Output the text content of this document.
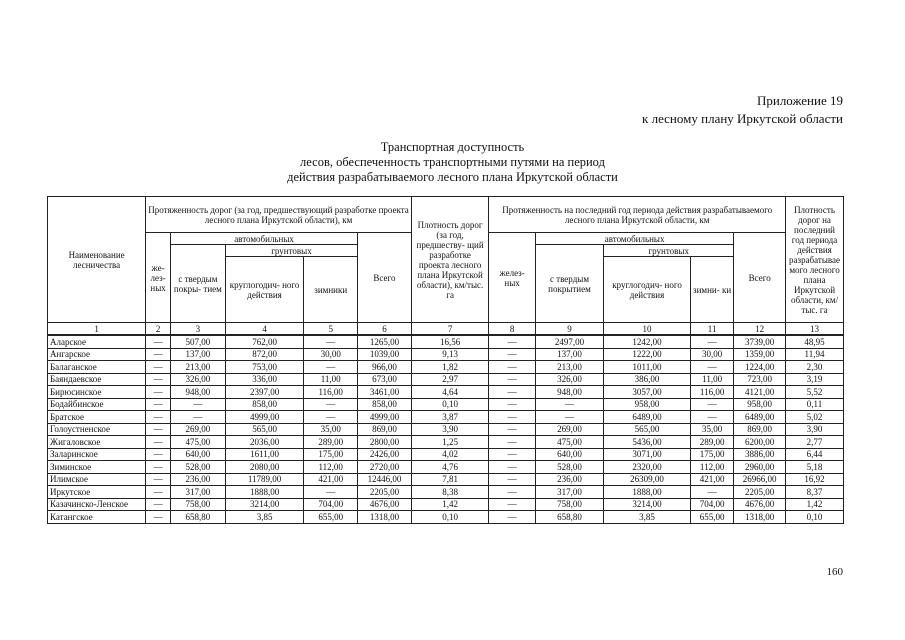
Приложение 19
к лесному плану Иркутской области
Транспортная доступность
лесов, обеспеченность транспортными путями на период
действия разрабатываемого лесного плана Иркутской области
Наименование лесничества	Протяженность дорог (за год, предшествующий разработке проекта лесного плана Иркутской области), км					Плотность дорог (за год, предшеству- щий разработке проекта лесного плана Иркутской области), км/тыс. га	Протяженность на последний год периода действия разрабатываемого лесного плана Иркутской области, км					Плотность дорог на последний год периода действия разрабатывае мого лесного плана Иркутской области, км/тыс. га
	же- лез- ных	автомобильных			Всего		желез- ных	автомобильных			Всего	
		с твердым покры- тием	грунтовых					с твердым покрытием	грунтовых			
			круглогодич- ного действия	зимники					круглогодич- ного действия	зимни- ки		
1	2	3	4	5	6	7	8	9	10	11	12	13
Аларское	—	507,00	762,00	—	1265,00	16,56	—	2497,00	1242,00	—	3739,00	48,95
Ангарское	—	137,00	872,00	30,00	1039,00	9,13	—	137,00	1222,00	30,00	1359,00	11,94
Балаганское	—	213,00	753,00	—	966,00	1,82	—	213,00	1011,00	—	1224,00	2,30
Баяндаевское	—	326,00	336,00	11,00	673,00	2,97	—	326,00	386,00	11,00	723,00	3,19
Бирюсинское	—	948,00	2397,00	116,00	3461,00	4,64	—	948,00	3057,00	116,00	4121,00	5,52
Бодайбинское	—	—	858,00	—	858,00	0,10	—	—	958,00	—	958,00	0,11
Братское	—	—	4999,00	—	4999,00	3,87	—	—	6489,00	—	6489,00	5,02
Голоустненское	—	269,00	565,00	35,00	869,00	3,90	—	269,00	565,00	35,00	869,00	3,90
Жигаловское	—	475,00	2036,00	289,00	2800,00	1,25	—	475,00	5436,00	289,00	6200,00	2,77
Заларинское	—	640,00	1611,00	175,00	2426,00	4,02	—	640,00	3071,00	175,00	3886,00	6,44
Зиминское	—	528,00	2080,00	112,00	2720,00	4,76	—	528,00	2320,00	112,00	2960,00	5,18
Илимское	—	236,00	11789,00	421,00	12446,00	7,81	—	236,00	26309,00	421,00	26966,00	16,92
Иркутское	—	317,00	1888,00	—	2205,00	8,38	—	317,00	1888,00	—	2205,00	8,37
Казачинско-Ленское	—	758,00	3214,00	704,00	4676,00	1,42	—	758,00	3214,00	704,00	4676,00	1,42
Катангское	—	658,80	3,85	655,00	1318,00	0,10	—	658,80	3,85	655,00	1318,00	0,10
160
